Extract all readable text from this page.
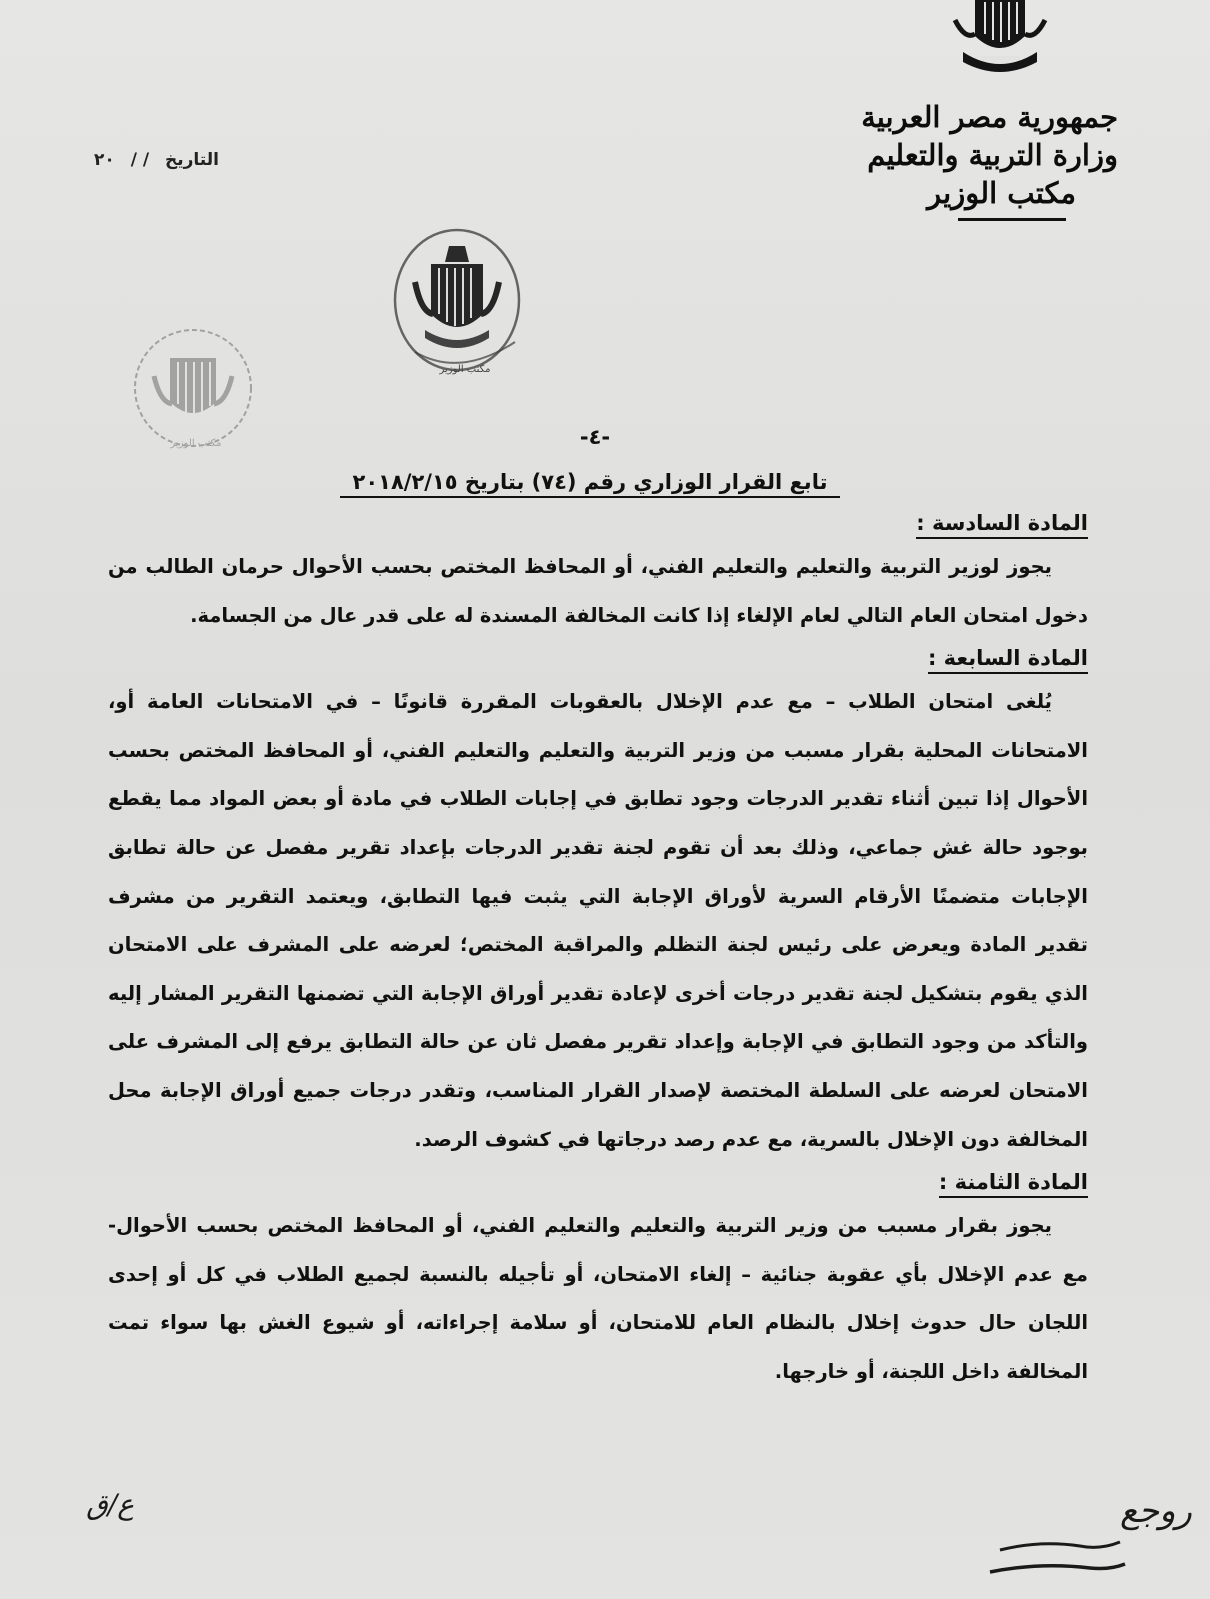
جمهورية مصر العربية

وزارة التربية والتعليم

مكتب الوزير

التاريخ / / ٢٠
مكتب الوزير
مكتب الوزير	-٤-
تابع القرار الوزاري رقم (٧٤) بتاريخ ٢٠١٨/٢/١٥
المادة السادسة :

يجوز لوزير التربية والتعليم والتعليم الفني، أو المحافظ المختص بحسب الأحوال حرمان الطالب من دخول امتحان العام التالي لعام الإلغاء إذا كانت المخالفة المسندة له على قدر عال من الجسامة.

المادة السابعة :

يُلغى امتحان الطلاب – مع عدم الإخلال بالعقوبات المقررة قانونًا – في الامتحانات العامة أو، الامتحانات المحلية بقرار مسبب من وزير التربية والتعليم والتعليم الفني، أو المحافظ المختص بحسب الأحوال إذا تبين أثناء تقدير الدرجات وجود تطابق في إجابات الطلاب في مادة أو بعض المواد مما يقطع بوجود حالة غش جماعي، وذلك بعد أن تقوم لجنة تقدير الدرجات بإعداد تقرير مفصل عن حالة تطابق الإجابات متضمنًا الأرقام السرية لأوراق الإجابة التي يثبت فيها التطابق، ويعتمد التقرير من مشرف تقدير المادة ويعرض على رئيس لجنة التظلم والمراقبة المختص؛ لعرضه على المشرف على الامتحان الذي يقوم بتشكيل لجنة تقدير درجات أخرى لإعادة تقدير أوراق الإجابة التي تضمنها التقرير المشار إليه والتأكد من وجود التطابق في الإجابة وإعداد تقرير مفصل ثان عن حالة التطابق يرفع إلى المشرف على الامتحان لعرضه على السلطة المختصة لإصدار القرار المناسب، وتقدر درجات جميع أوراق الإجابة محل المخالفة دون الإخلال بالسرية، مع عدم رصد درجاتها في كشوف الرصد.

المادة الثامنة :

يجوز بقرار مسبب من وزير التربية والتعليم والتعليم الفني، أو المحافظ المختص بحسب الأحوال- مع عدم الإخلال بأي عقوبة جنائية – إلغاء الامتحان، أو تأجيله بالنسبة لجميع الطلاب في كل أو إحدى اللجان حال حدوث إخلال بالنظام العام للامتحان، أو سلامة إجراءاته، أو شيوع الغش بها سواء تمت المخالفة داخل اللجنة، أو خارجها.

روجع
ع/ق
